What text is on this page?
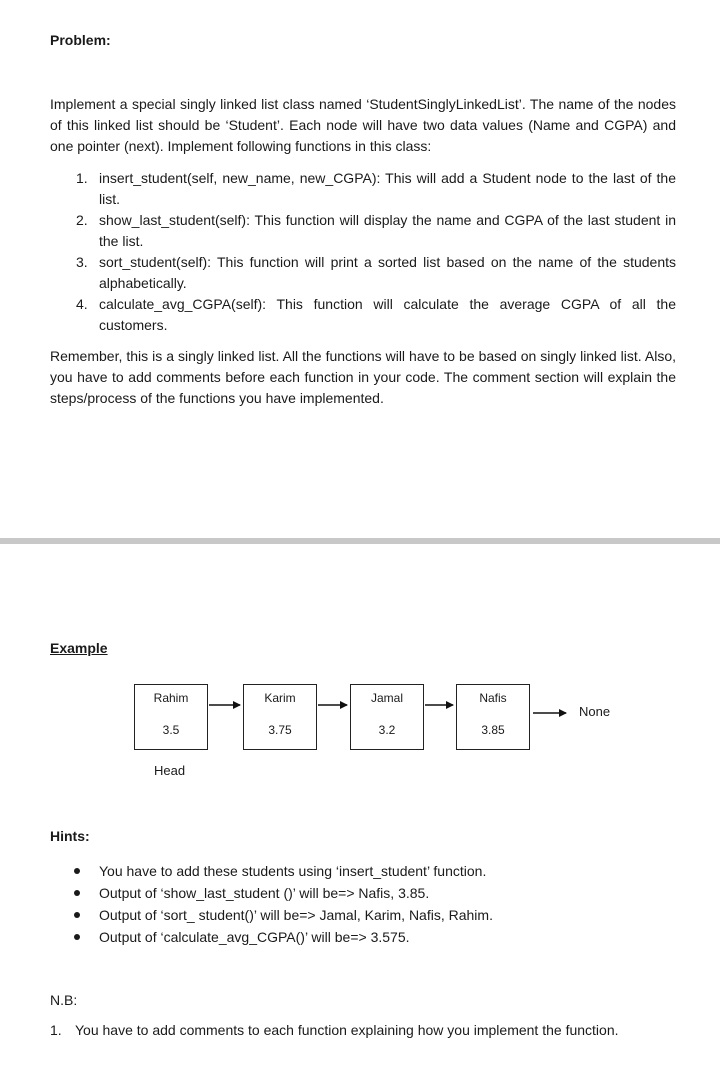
Problem:
Implement a special singly linked list class named ‘StudentSinglyLinkedList’. The name of the nodes of this linked list should be ‘Student’. Each node will have two data values (Name and CGPA) and one pointer (next). Implement following functions in this class:
1. insert_student(self, new_name, new_CGPA): This will add a Student node to the last of the list.
2. show_last_student(self): This function will display the name and CGPA of the last student in the list.
3. sort_student(self): This function will print a sorted list based on the name of the students alphabetically.
4. calculate_avg_CGPA(self): This function will calculate the average CGPA of all the customers.
Remember, this is a singly linked list. All the functions will have to be based on singly linked list. Also, you have to add comments before each function in your code. The comment section will explain the steps/process of the functions you have implemented.
Example
Rahim
3.5
Karim
3.75
Jamal
3.2
Nafis
3.85
None
Head
Hints:
You have to add these students using ‘insert_student’ function.
Output of ‘show_last_student ()’ will be=> Nafis, 3.85.
Output of ‘sort_ student()’ will be=> Jamal, Karim, Nafis, Rahim.
Output of ‘calculate_avg_CGPA()’ will be=> 3.575.
N.B:
1. You have to add comments to each function explaining how you implement the function.
